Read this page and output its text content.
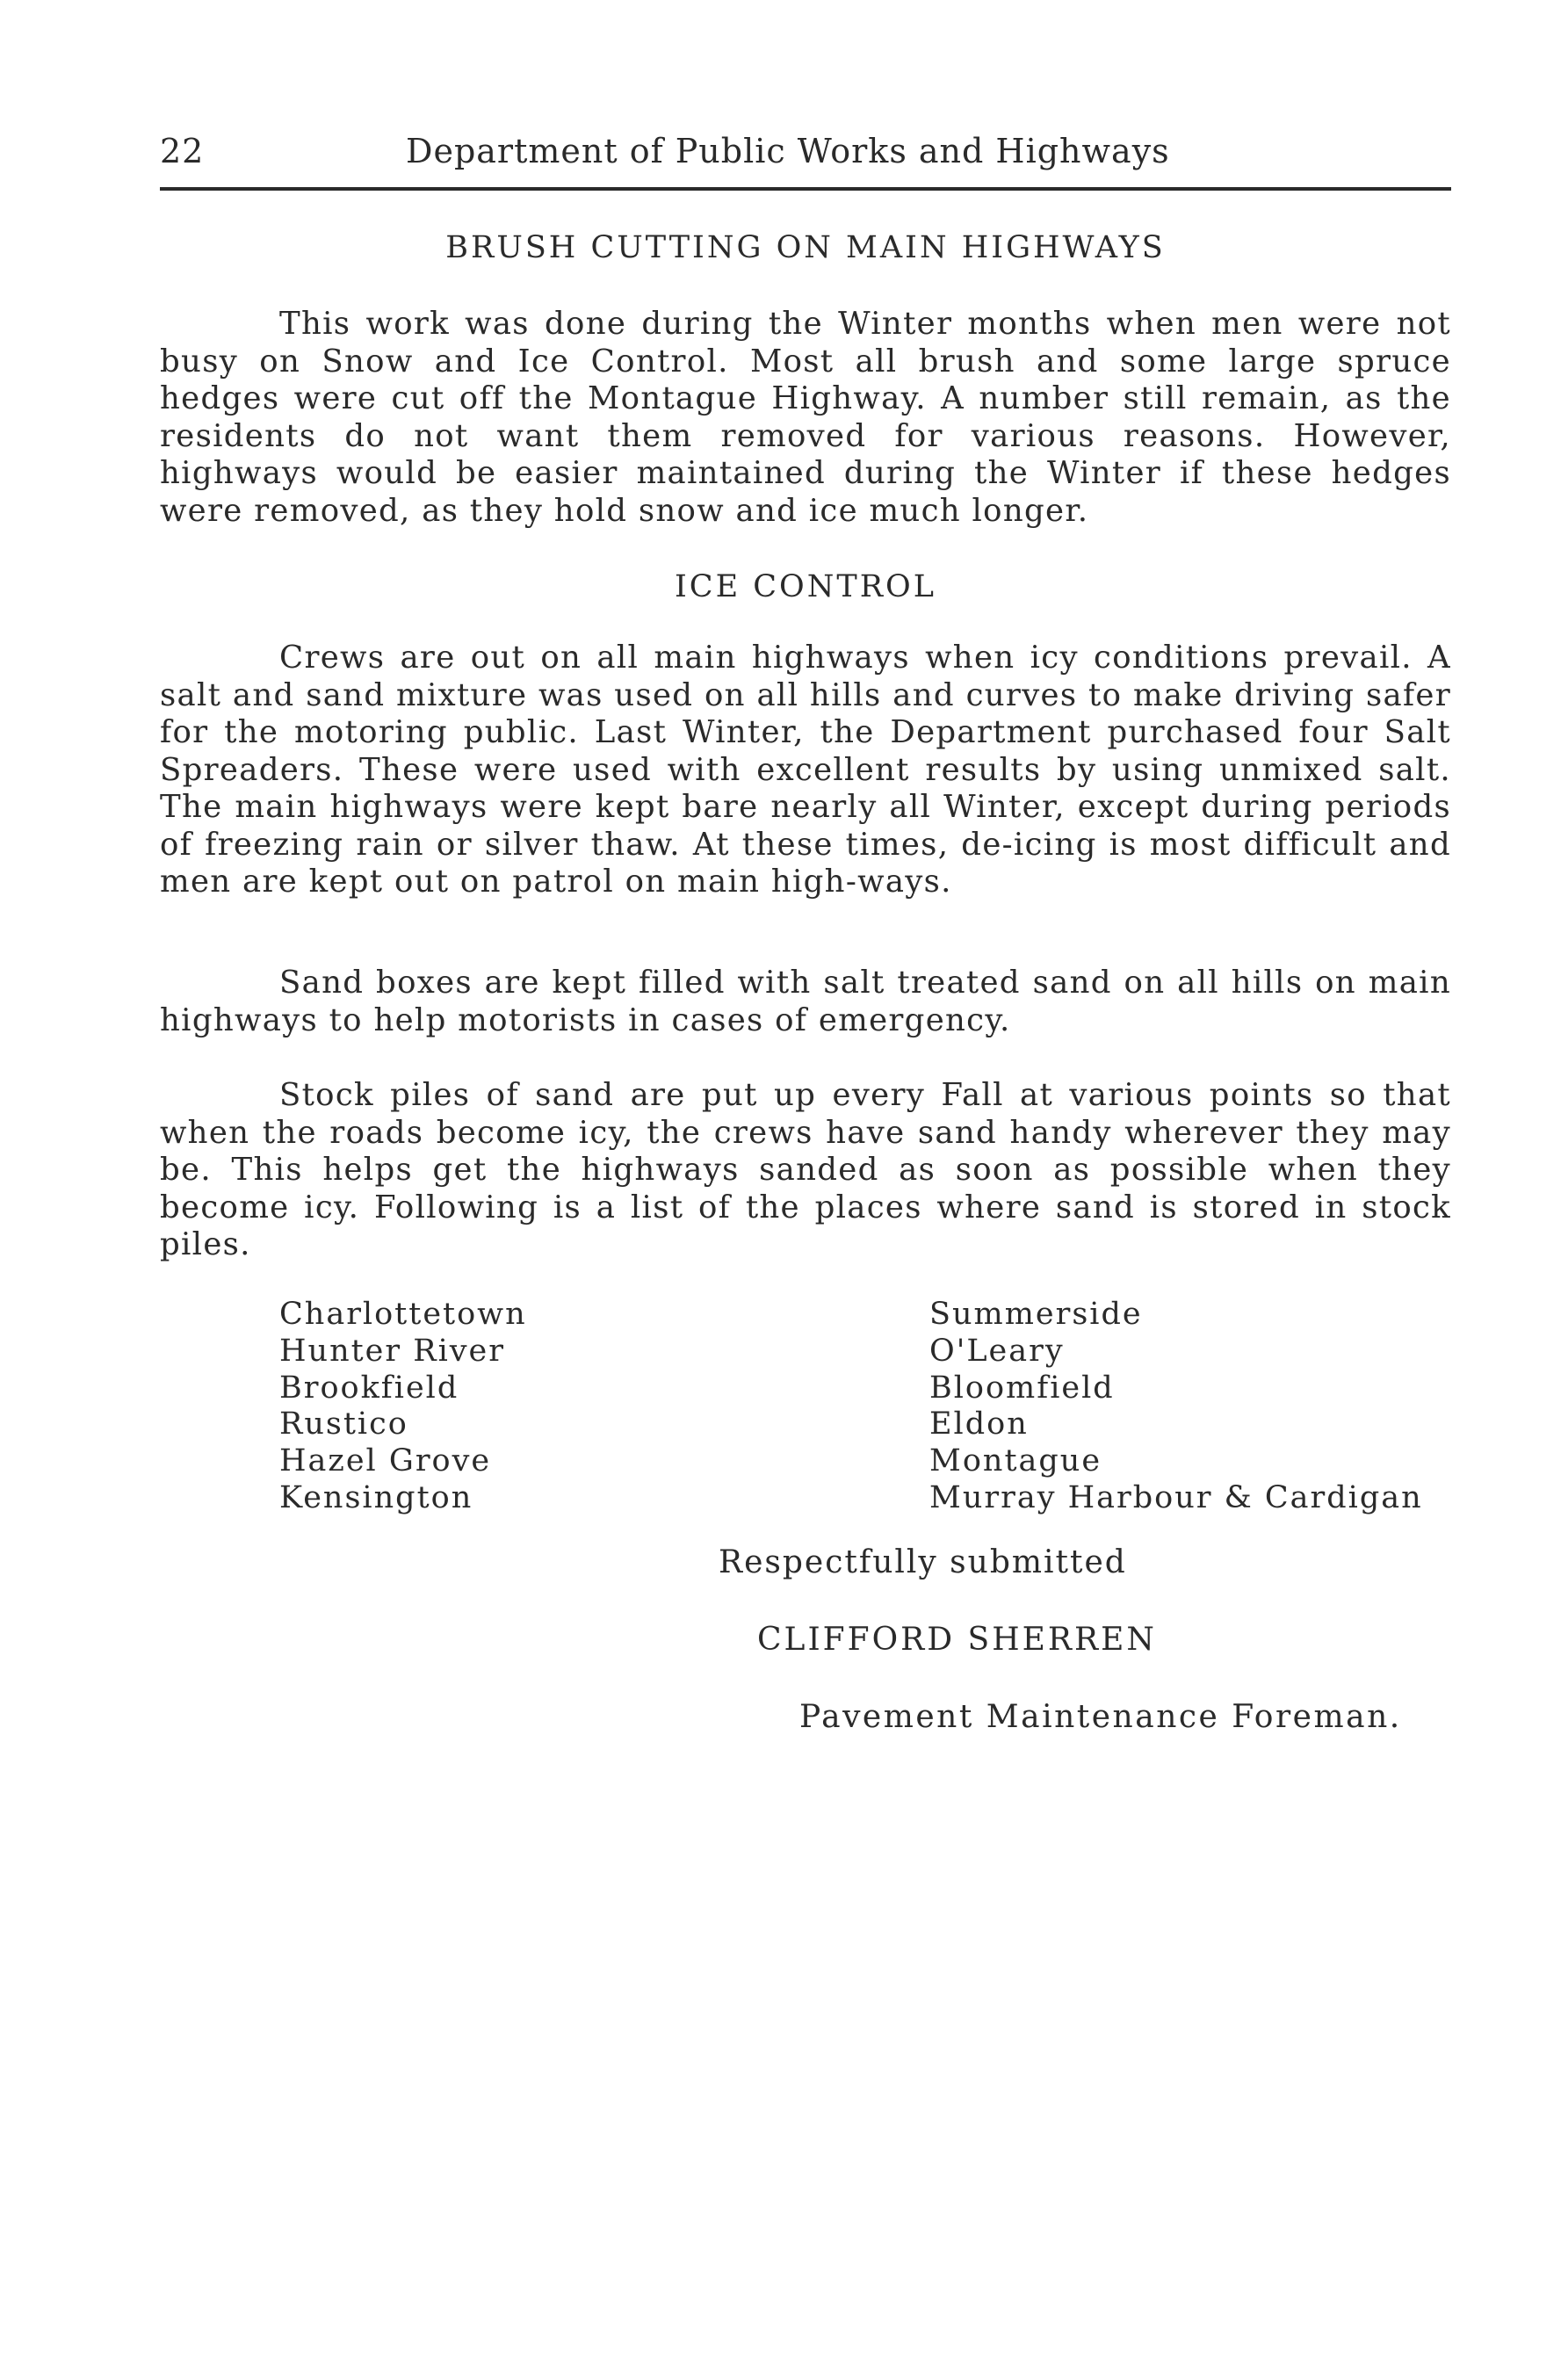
22	Department of Public Works and Highways
BRUSH CUTTING ON MAIN HIGHWAYS

This work was done during the Winter months when men were not busy on Snow and Ice Control. Most all brush and some large spruce hedges were cut off the Montague Highway. A number still remain, as the residents do not want them removed for various reasons. However, highways would be easier maintained during the Winter if these hedges were removed, as they hold snow and ice much longer.

ICE CONTROL

Crews are out on all main highways when icy conditions prevail. A salt and sand mixture was used on all hills and curves to make driving safer for the motoring public. Last Winter, the Department purchased four Salt Spreaders. These were used with excellent results by using unmixed salt. The main highways were kept bare nearly all Winter, except during periods of freezing rain or silver thaw. At these times, de-icing is most difficult and men are kept out on patrol on main high-ways.

Sand boxes are kept filled with salt treated sand on all hills on main highways to help motorists in cases of emergency.

Stock piles of sand are put up every Fall at various points so that when the roads become icy, the crews have sand handy wherever they may be. This helps get the highways sanded as soon as possible when they become icy. Following is a list of the places where sand is stored in stock piles.

Charlottetown
Hunter River
Brookfield
Rustico
Hazel Grove
Kensington
Summerside
O'Leary
Bloomfield
Eldon
Montague
Murray Harbour & Cardigan
Respectfully submitted
CLIFFORD SHERREN
Pavement Maintenance Foreman.
